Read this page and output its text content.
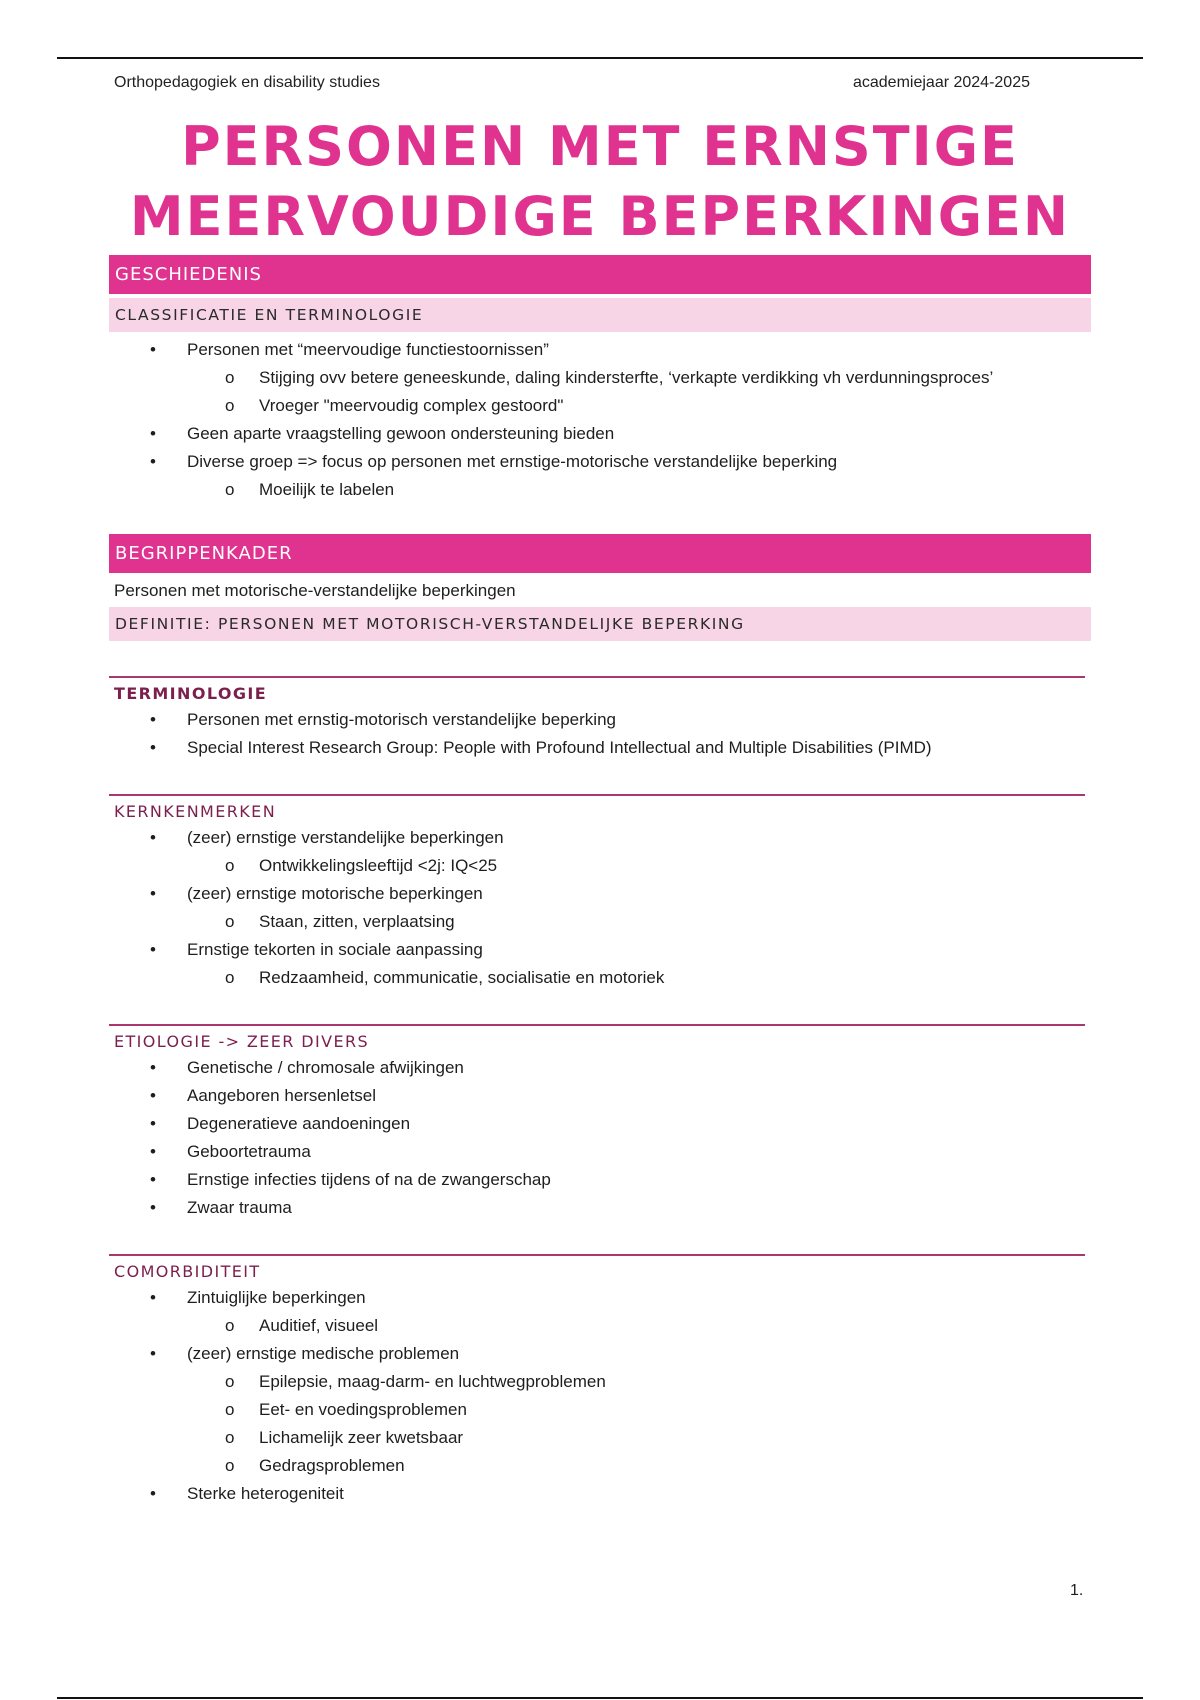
Orthopedagogiek en disability studies	academiejaar 2024-2025
PERSONEN MET ERNSTIGE
MEERVOUDIGE BEPERKINGEN
GESCHIEDENIS
CLASSIFICATIE EN TERMINOLOGIE
• Personen met “meervoudige functiestoornissen”
o Stijging ovv betere geneeskunde, daling kindersterfte, ‘verkapte verdikking vh verdunningsproces’
o Vroeger "meervoudig complex gestoord"
• Geen aparte vraagstelling gewoon ondersteuning bieden
• Diverse groep => focus op personen met ernstige-motorische verstandelijke beperking
o Moeilijk te labelen
BEGRIPPENKADER
Personen met motorische-verstandelijke beperkingen
DEFINITIE: PERSONEN MET MOTORISCH-VERSTANDELIJKE BEPERKING
TERMINOLOGIE
• Personen met ernstig-motorisch verstandelijke beperking
• Special Interest Research Group: People with Profound Intellectual and Multiple Disabilities (PIMD)
KERNKENMERKEN
• (zeer) ernstige verstandelijke beperkingen
o Ontwikkelingsleeftijd <2j: IQ<25
• (zeer) ernstige motorische beperkingen
o Staan, zitten, verplaatsing
• Ernstige tekorten in sociale aanpassing
o Redzaamheid, communicatie, socialisatie en motoriek
ETIOLOGIE -> ZEER DIVERS
• Genetische / chromosale afwijkingen
• Aangeboren hersenletsel
• Degeneratieve aandoeningen
• Geboortetrauma
• Ernstige infecties tijdens of na de zwangerschap
• Zwaar trauma
COMORBIDITEIT
• Zintuiglijke beperkingen
o Auditief, visueel
• (zeer) ernstige medische problemen
o Epilepsie, maag-darm- en luchtwegproblemen
o Eet- en voedingsproblemen
o Lichamelijk zeer kwetsbaar
o Gedragsproblemen
• Sterke heterogeniteit
1.
